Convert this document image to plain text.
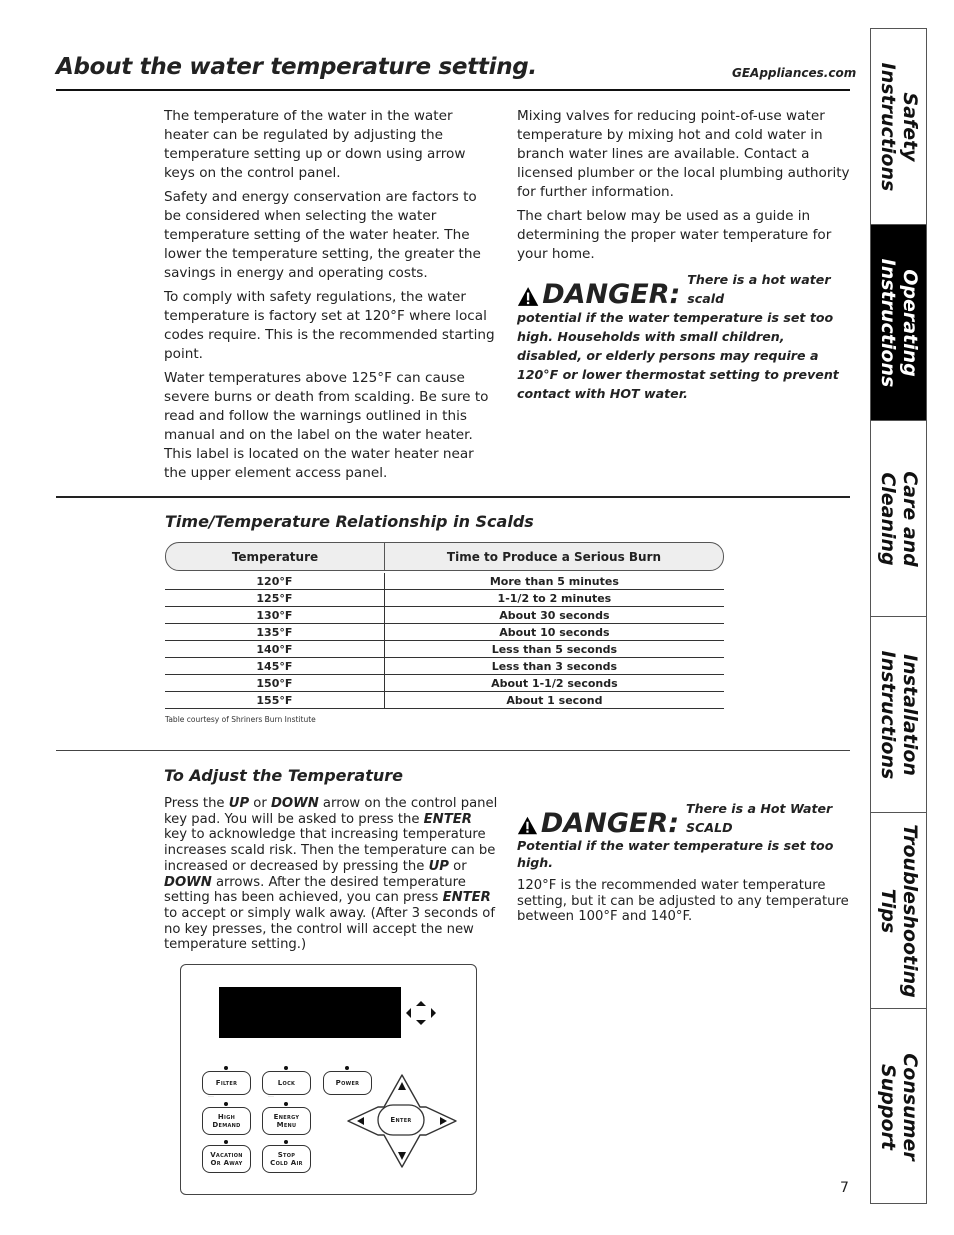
About the water temperature setting.	GEAppliances.com

The temperature of the water in the water heater can be regulated by adjusting the temperature setting up or down using arrow keys on the control panel.

Safety and energy conservation are factors to be considered when selecting the water temperature setting of the water heater. The lower the temperature setting, the greater the savings in energy and operating costs.

To comply with safety regulations, the water temperature is factory set at 120°F where local codes require. This is the recommended starting point.

Water temperatures above 125°F can cause severe burns or death from scalding. Be sure to read and follow the warnings outlined in this manual and on the label on the water heater. This label is located on the water heater near the upper element access panel.

Mixing valves for reducing point-of-use water temperature by mixing hot and cold water in branch water lines are available. Contact a licensed plumber or the local plumbing authority for further information.

The chart below may be used as a guide in determining the proper water temperature for your home.

DANGER: There is a hot water scald
potential if the water temperature is set too high. Households with small children, disabled, or elderly persons may require a 120°F or lower thermostat setting to prevent contact with HOT water.
Time/Temperature Relationship in Scalds
Temperature	Time to Produce a Serious Burn
120°F	More than 5 minutes
125°F	1-1/2 to 2 minutes
130°F	About 30 seconds
135°F	About 10 seconds
140°F	Less than 5 seconds
145°F	Less than 3 seconds
150°F	About 1-1/2 seconds
155°F	About 1 second
Table courtesy of Shriners Burn Institute
To Adjust the Temperature
Press the UP or DOWN arrow on the control panel key pad. You will be asked to press the ENTER key to acknowledge that increasing temperature increases scald risk. Then the temperature can be increased or decreased by pressing the UP or DOWN arrows. After the desired temperature setting has been achieved, you can press ENTER to accept or simply walk away. (After 3 seconds of no key presses, the control will accept the new temperature setting.)
DANGER: There is a Hot Water SCALD
Potential if the water temperature is set too high.
120°F is the recommended water temperature setting, but it can be adjusted to any temperature between 100°F and 140°F.
Filter
……
Lock
……
Power
High
Demand
Energy
Menu
Vacation
Or Away
Stop
Cold Air
Enter
Safety
Instructions
Operating
Instructions
Care and
Cleaning
Installation
Instructions
Troubleshooting
Tips
Consumer
Support
7
